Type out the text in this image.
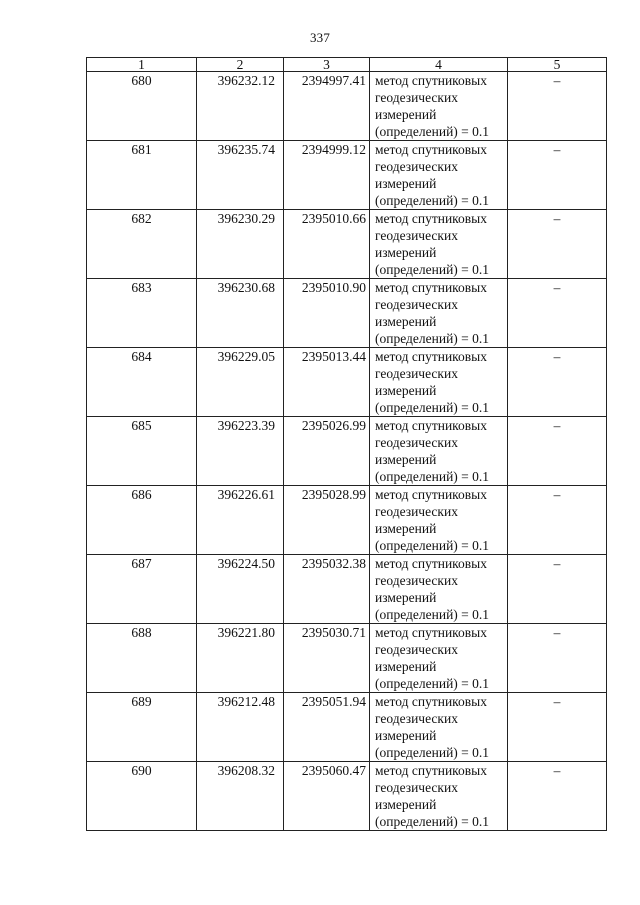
337
1	2	3	4	5
680	396232.12	2394997.41	метод спутниковых
геодезических
измерений
(определений) = 0.1	–
681	396235.74	2394999.12	метод спутниковых
геодезических
измерений
(определений) = 0.1	–
682	396230.29	2395010.66	метод спутниковых
геодезических
измерений
(определений) = 0.1	–
683	396230.68	2395010.90	метод спутниковых
геодезических
измерений
(определений) = 0.1	–
684	396229.05	2395013.44	метод спутниковых
геодезических
измерений
(определений) = 0.1	–
685	396223.39	2395026.99	метод спутниковых
геодезических
измерений
(определений) = 0.1	–
686	396226.61	2395028.99	метод спутниковых
геодезических
измерений
(определений) = 0.1	–
687	396224.50	2395032.38	метод спутниковых
геодезических
измерений
(определений) = 0.1	–
688	396221.80	2395030.71	метод спутниковых
геодезических
измерений
(определений) = 0.1	–
689	396212.48	2395051.94	метод спутниковых
геодезических
измерений
(определений) = 0.1	–
690	396208.32	2395060.47	метод спутниковых
геодезических
измерений
(определений) = 0.1	–
